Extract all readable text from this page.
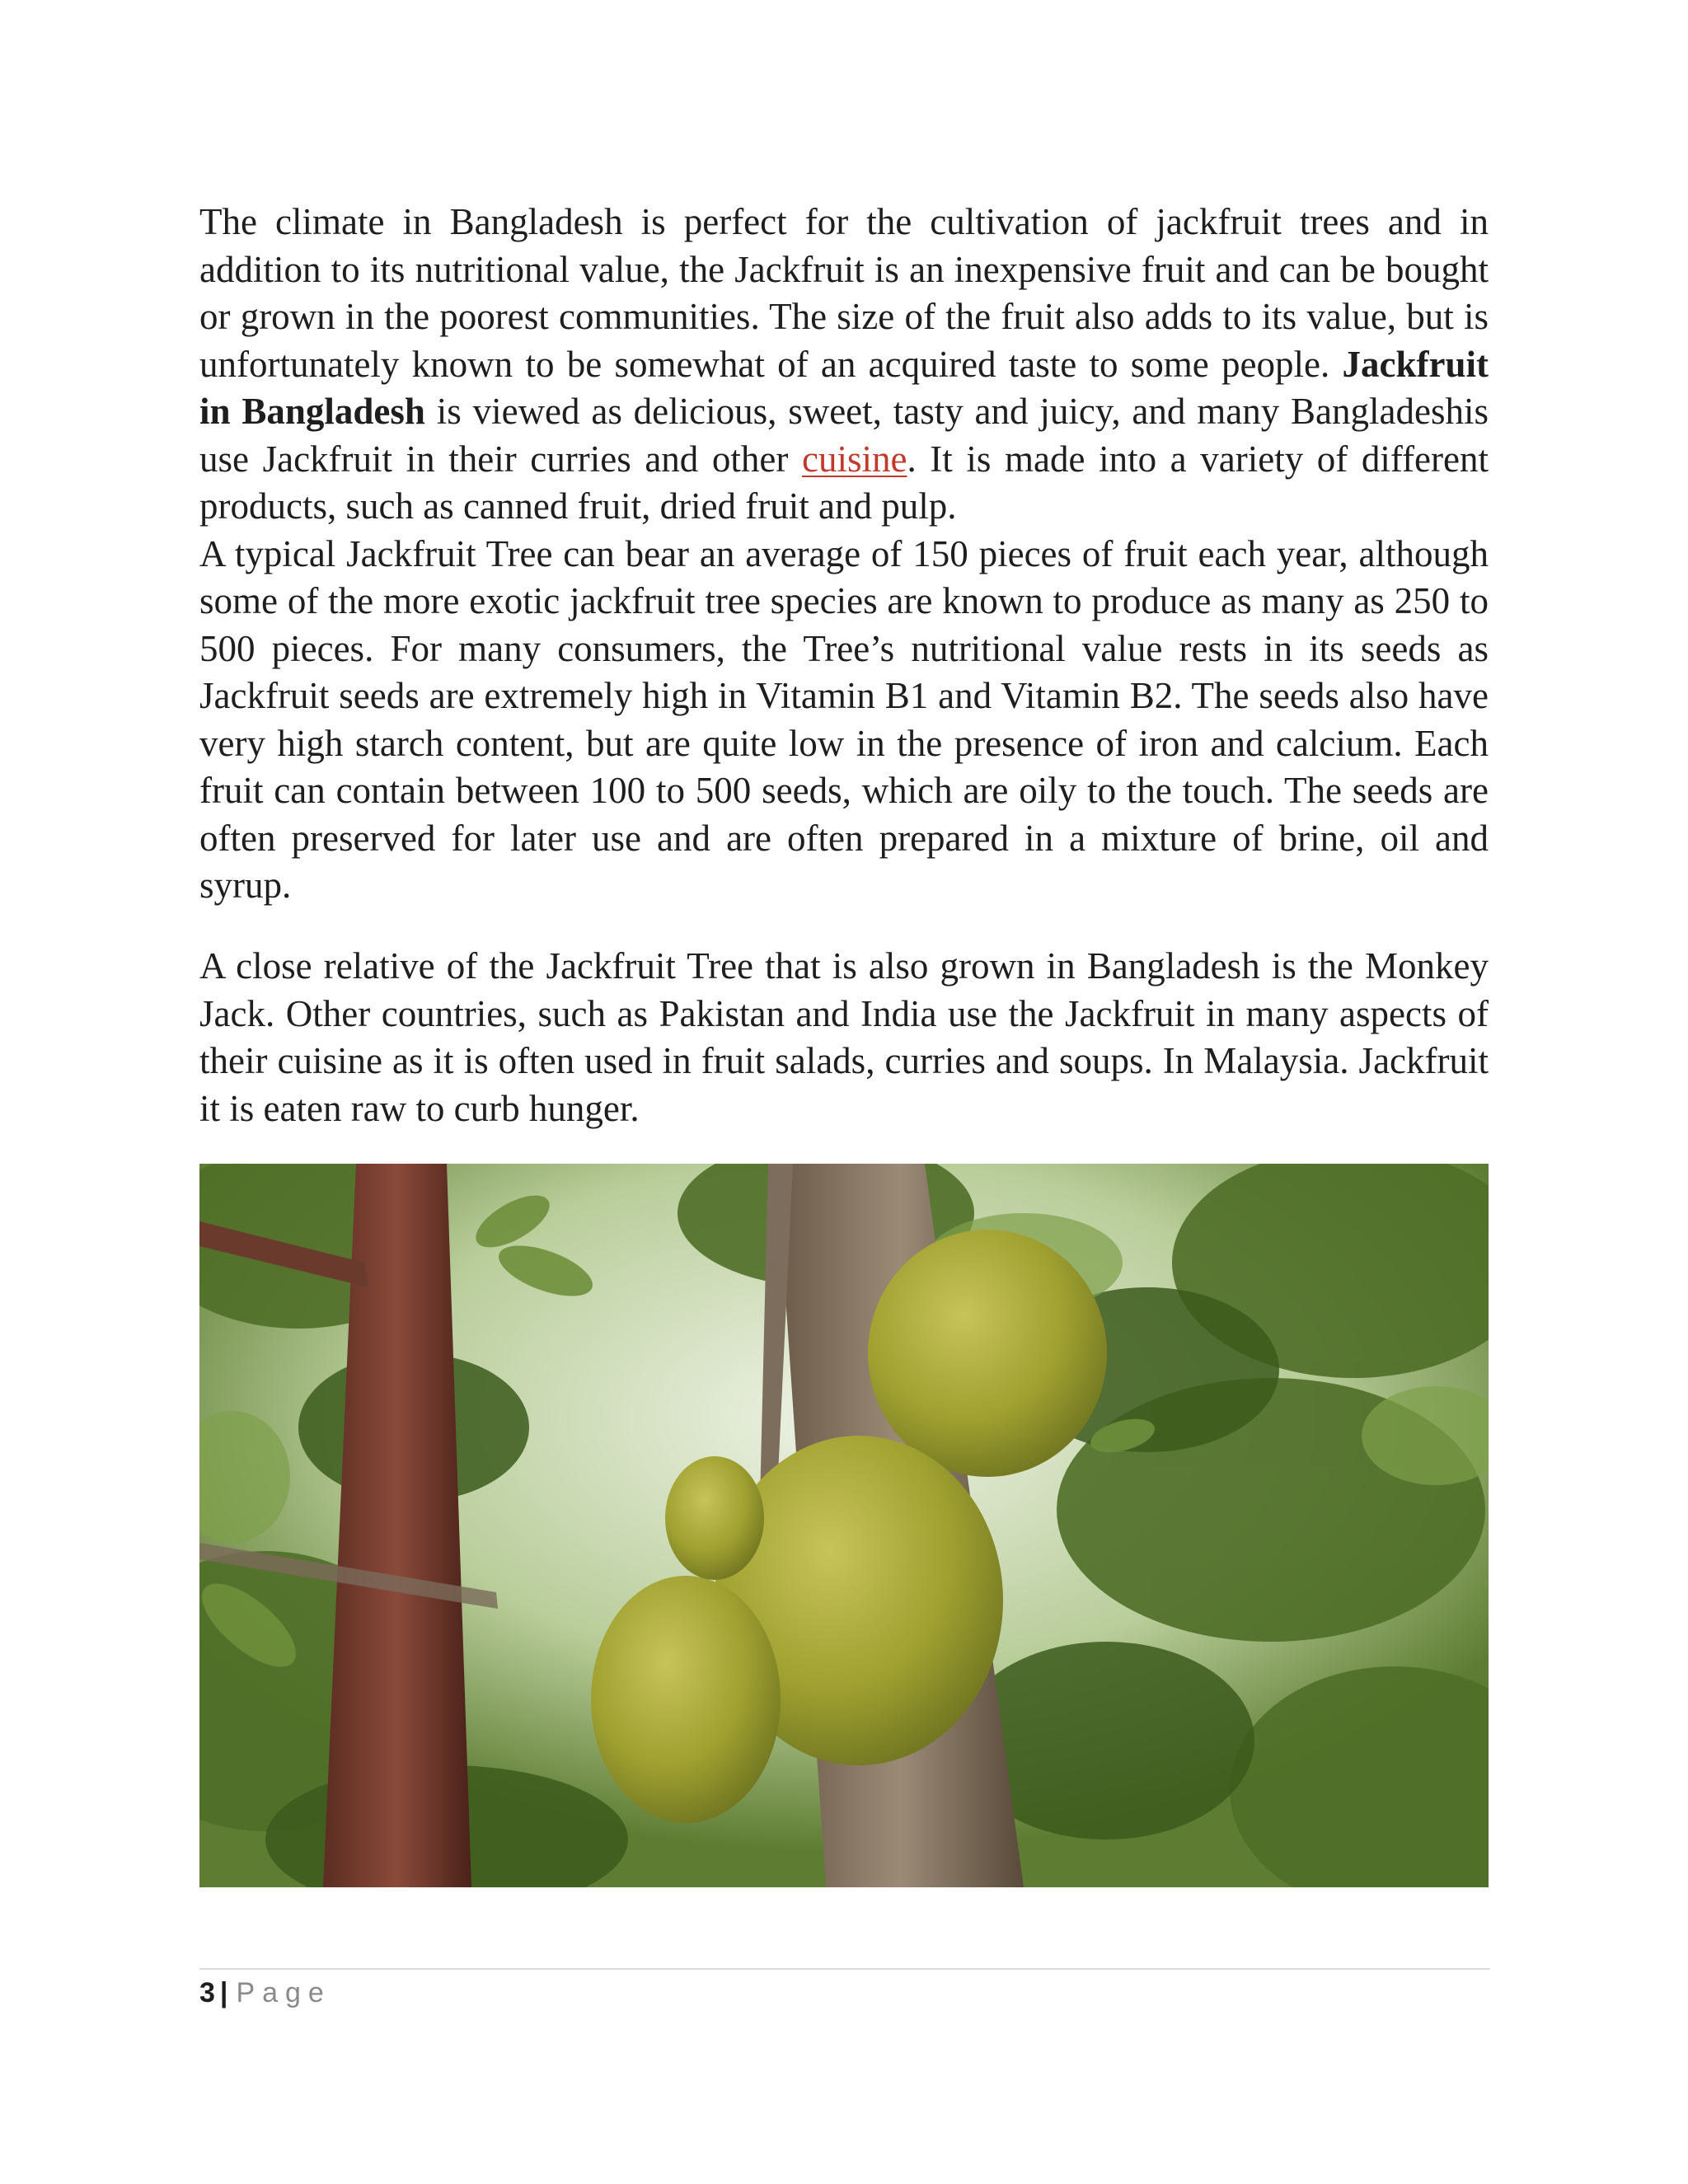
The climate in Bangladesh is perfect for the cultivation of jackfruit trees and in addition to its nutritional value, the Jackfruit is an inexpensive fruit and can be bought or grown in the poorest communities. The size of the fruit also adds to its value, but is unfortunately known to be somewhat of an acquired taste to some people. Jackfruit in Bangladesh is viewed as delicious, sweet, tasty and juicy, and many Bangladeshis use Jackfruit in their curries and other cuisine. It is made into a variety of different products, such as canned fruit, dried fruit and pulp.

A typical Jackfruit Tree can bear an average of 150 pieces of fruit each year, although some of the more exotic jackfruit tree species are known to produce as many as 250 to 500 pieces. For many consumers, the Tree’s nutritional value rests in its seeds as Jackfruit seeds are extremely high in Vitamin B1 and Vitamin B2. The seeds also have very high starch content, but are quite low in the presence of iron and calcium. Each fruit can contain between 100 to 500 seeds, which are oily to the touch. The seeds are often preserved for later use and are often prepared in a mixture of brine, oil and syrup.

A close relative of the Jackfruit Tree that is also grown in Bangladesh is the Monkey Jack. Other countries, such as Pakistan and India use the Jackfruit in many aspects of their cuisine as it is often used in fruit salads, curries and soups. In Malaysia. Jackfruit it is eaten raw to curb hunger.

3 | Page
